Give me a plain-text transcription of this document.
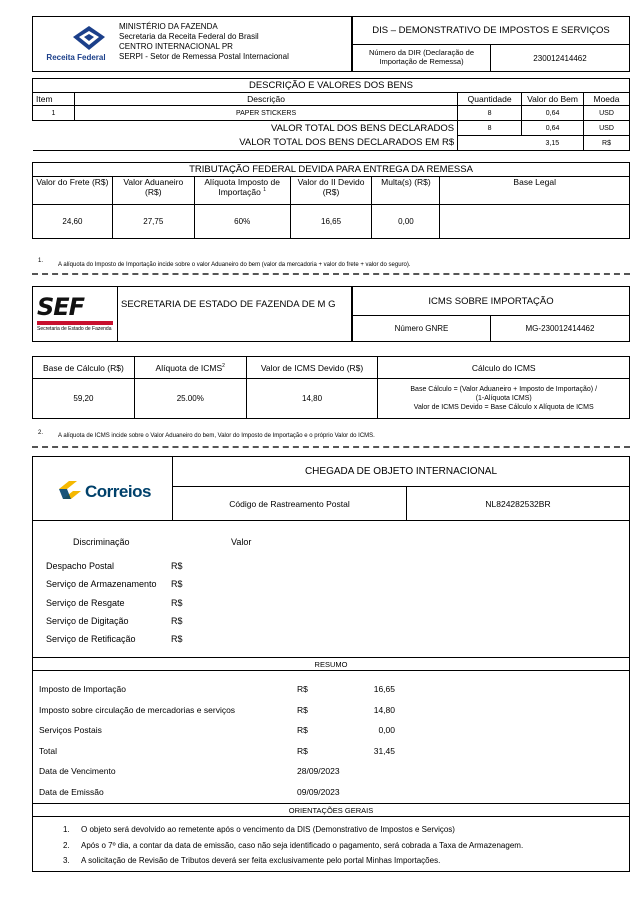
Receita Federal
MINISTÉRIO DA FAZENDA
Secretaria da Receita Federal do Brasil
CENTRO INTERNACIONAL PR
SERPI - Setor de Remessa Postal Internacional
DIS – DEMONSTRATIVO DE IMPOSTOS E SERVIÇOS
Número da DIR (Declaração de Importação de Remessa)	230012414462
DESCRIÇÃO E VALORES DOS BENS				
Item	Descrição	Quantidade	Valor do Bem	Moeda
1	PAPER STICKERS	8	0,64	USD
VALOR TOTAL DOS BENS DECLARADOS		8	0,64	USD
VALOR TOTAL DOS BENS DECLARADOS EM R$			3,15	R$
TRIBUTAÇÃO FEDERAL DEVIDA PARA ENTREGA DA REMESSA					
Valor do Frete (R$)	Valor Aduaneiro (R$)	Alíquota Imposto de Importação $^1$	Valor do II Devido (R$)	Multa(s) (R$)	Base Legal
24,60	27,75	60%	16,65	0,00	
1.
A alíquota do Imposto de Importação incide sobre o valor Aduaneiro do bem (valor da mercadoria + valor do frete + valor do seguro).
SEF
Secretaria de Estado de Fazenda
SECRETARIA DE ESTADO DE FAZENDA DE M G	ICMS SOBRE IMPORTAÇÃO
Número GNRE	MG-230012414462
Base de Cálculo (R$)	Alíquota de ICMS$^2$	Valor de ICMS Devido (R$)	Cálculo do ICMS
59,20	25.00%	14,80	Base Cálculo = (Valor Aduaneiro + Imposto de Importação) /
(1-Alíquota ICMS)
Valor de ICMS Devido = Base Cálculo x Alíquota de ICMS
2. A alíquota de ICMS incide sobre o Valor Aduaneiro do bem, Valor do Imposto de Importação e o próprio Valor do ICMS.
Correios
CHEGADA DE OBJETO INTERNACIONAL
Código de Rastreamento Postal	NL824282532BR
Discriminação	Valor
Despacho Postal	R$
Serviço de Armazenamento	R$
Serviço de Resgate	R$
Serviço de Digitação	R$
Serviço de Retificação	R$
RESUMO
Imposto de Importação	R$	16,65
Imposto sobre circulação de mercadorias e serviços	R$	14,80
Serviços Postais	R$	0,00
Total	R$	31,45
Data de Vencimento	28/09/2023
Data de Emissão	09/09/2023
ORIENTAÇÕES GERAIS
1.	O objeto será devolvido ao remetente após o vencimento da DIS (Demonstrativo de Impostos e Serviços)
2.	Após o 7º dia, a contar da data de emissão, caso não seja identificado o pagamento, será cobrada a Taxa de Armazenagem.
3.	A solicitação de Revisão de Tributos deverá ser feita exclusivamente pelo portal Minhas Importações.
